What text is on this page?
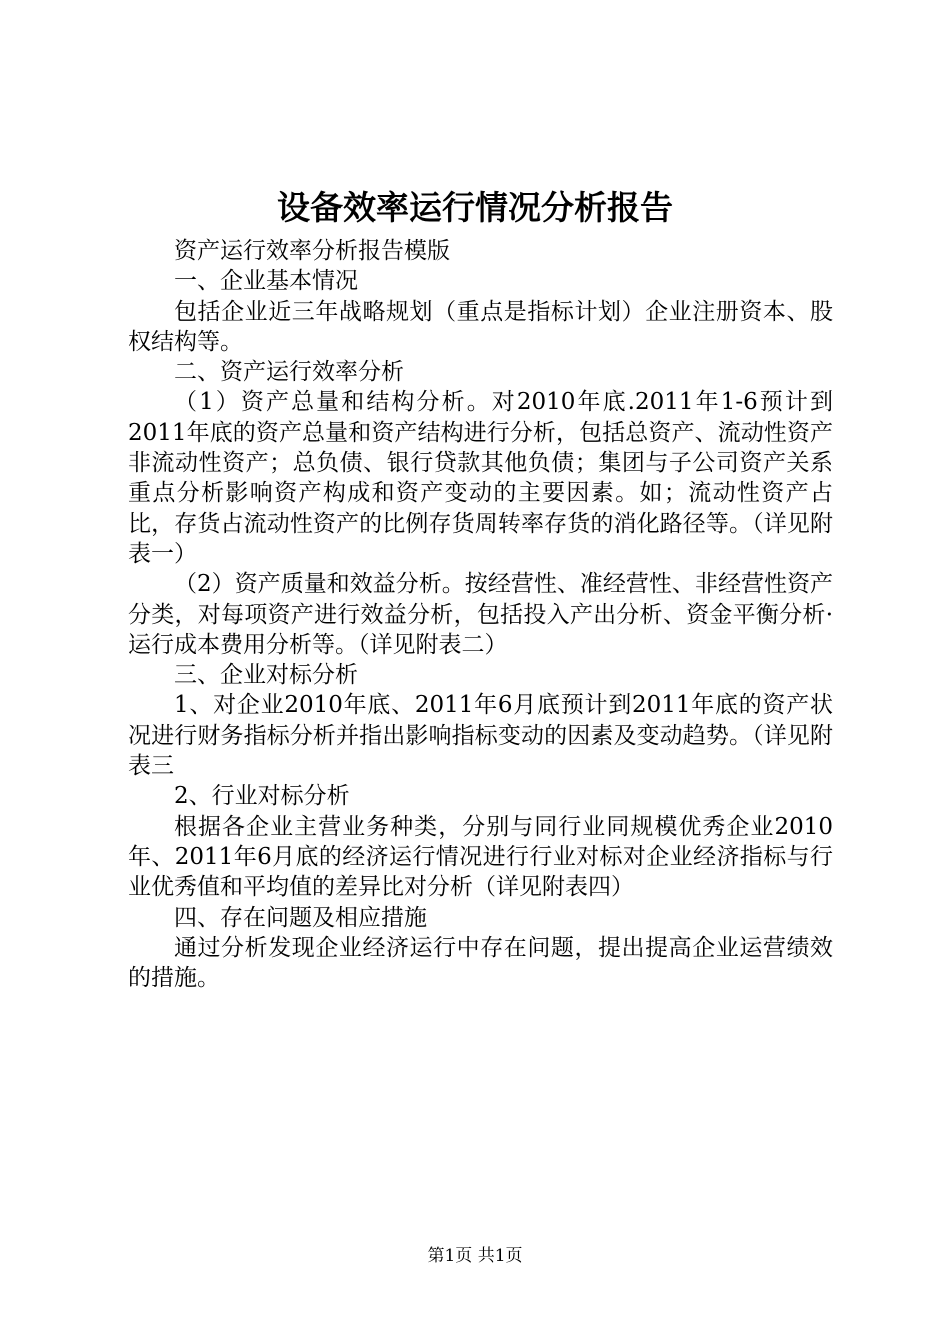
设备效率运行情况分析报告

资产运行效率分析报告模版

一、企业基本情况

包括企业近三年战略规划（重点是指标计划）企业注册资本、股权结构等。

二、资产运行效率分析

（1）资产总量和结构分析。对2010年底.2011年1-6预计到2011年底的资产总量和资产结构进行分析，包括总资产、流动性资产非流动性资产；总负债、银行贷款其他负债；集团与子公司资产关系重点分析影响资产构成和资产变动的主要因素。如；流动性资产占比，存货占流动性资产的比例存货周转率存货的消化路径等。（详见附表一）

（2）资产质量和效益分析。按经营性、准经营性、非经营性资产分类，对每项资产进行效益分析，包括投入产出分析、资金平衡分析·运行成本费用分析等。（详见附表二）

三、企业对标分析

1、对企业2010年底、2011年6月底预计到2011年底的资产状况进行财务指标分析并指出影响指标变动的因素及变动趋势。（详见附表三

2、行业对标分析

根据各企业主营业务种类，分别与同行业同规模优秀企业2010年、2011年6月底的经济运行情况进行行业对标对企业经济指标与行业优秀值和平均值的差异比对分析（详见附表四）

四、存在问题及相应措施

通过分析发现企业经济运行中存在问题，提出提高企业运营绩效的措施。

第1页 共1页
